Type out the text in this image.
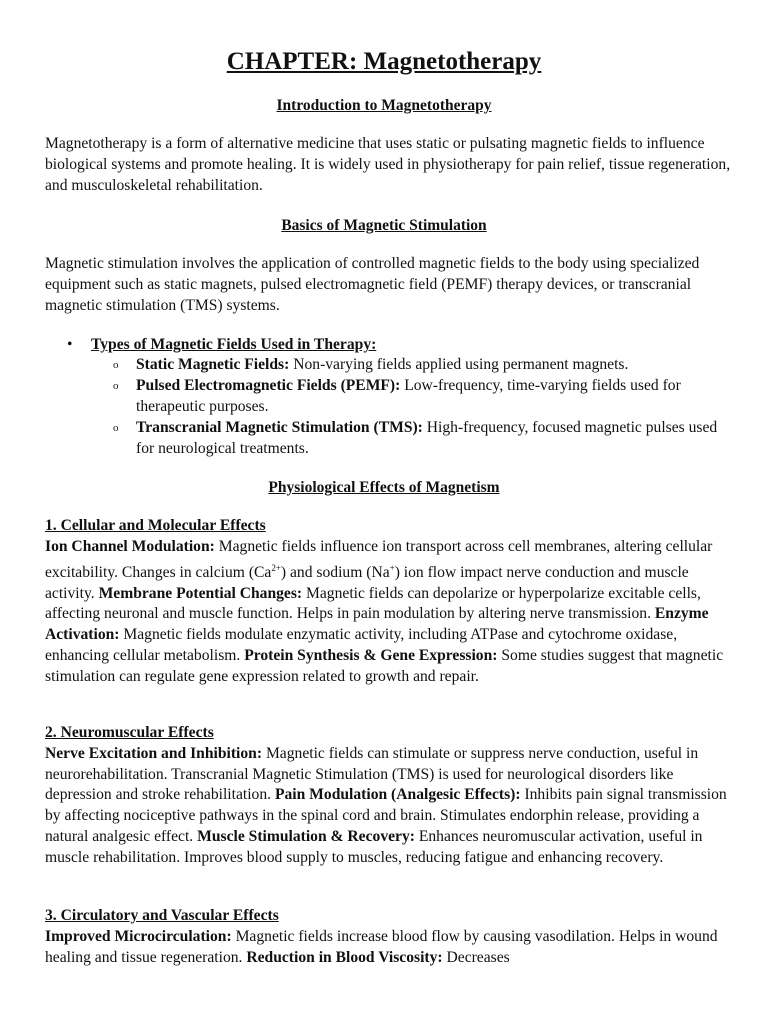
CHAPTER: Magnetotherapy
Introduction to Magnetotherapy

Magnetotherapy is a form of alternative medicine that uses static or pulsating magnetic fields to influence biological systems and promote healing. It is widely used in physiotherapy for pain relief, tissue regeneration, and musculoskeletal rehabilitation.

Basics of Magnetic Stimulation

Magnetic stimulation involves the application of controlled magnetic fields to the body using specialized equipment such as static magnets, pulsed electromagnetic field (PEMF) therapy devices, or transcranial magnetic stimulation (TMS) systems.

• Types of Magnetic Fields Used in Therapy:
o Static Magnetic Fields: Non-varying fields applied using permanent magnets.
o Pulsed Electromagnetic Fields (PEMF): Low-frequency, time-varying fields used for therapeutic purposes.
o Transcranial Magnetic Stimulation (TMS): High-frequency, focused magnetic pulses used for neurological treatments.
Physiological Effects of Magnetism
1. Cellular and Molecular Effects
Ion Channel Modulation: Magnetic fields influence ion transport across cell membranes, altering cellular excitability. Changes in calcium $(Ca^{2+})$ and sodium (Na+) ion flow impact nerve conduction and muscle activity. Membrane Potential Changes: Magnetic fields can depolarize or hyperpolarize excitable cells, affecting neuronal and muscle function. Helps in pain modulation by altering nerve transmission. Enzyme Activation: Magnetic fields modulate enzymatic activity, including ATPase and cytochrome oxidase, enhancing cellular metabolism. Protein Synthesis & Gene Expression: Some studies suggest that magnetic stimulation can regulate gene expression related to growth and repair.
2. Neuromuscular Effects
Nerve Excitation and Inhibition: Magnetic fields can stimulate or suppress nerve conduction, useful in neurorehabilitation. Transcranial Magnetic Stimulation (TMS) is used for neurological disorders like depression and stroke rehabilitation. Pain Modulation (Analgesic Effects): Inhibits pain signal transmission by affecting nociceptive pathways in the spinal cord and brain. Stimulates endorphin release, providing a natural analgesic effect. Muscle Stimulation & Recovery: Enhances neuromuscular activation, useful in muscle rehabilitation. Improves blood supply to muscles, reducing fatigue and enhancing recovery.
3. Circulatory and Vascular Effects
Improved Microcirculation: Magnetic fields increase blood flow by causing vasodilation. Helps in wound healing and tissue regeneration. Reduction in Blood Viscosity: Decreases
